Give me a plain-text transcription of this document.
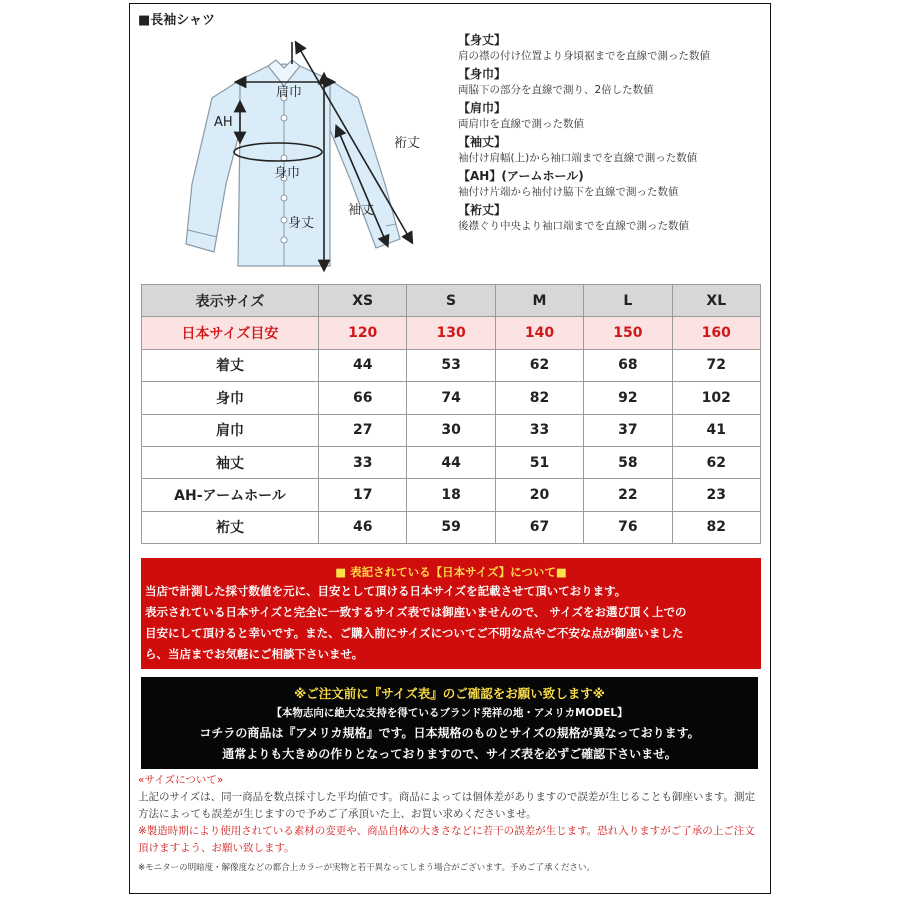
■長袖シャツ
肩巾
AH
身巾
身丈
袖丈
裄丈
【身丈】
肩の襟の付け位置より身頃裾までを直線で測った数値
【身巾】
両脇下の部分を直線で測り、2倍した数値
【肩巾】
両肩巾を直線で測った数値
【袖丈】
袖付け肩幅(上)から袖口端までを直線で測った数値
【AH】(アームホール)
袖付け片端から袖付け脇下を直線で測った数値
【裄丈】
後襟ぐり中央より袖口端までを直線で測った数値
表示サイズ	XS	S	M	L	XL
日本サイズ目安	120	130	140	150	160
着丈	44	53	62	68	72
身巾	66	74	82	92	102
肩巾	27	30	33	37	41
袖丈	33	44	51	58	62
AH-アームホール	17	18	20	22	23
裄丈	46	59	67	76	82
■ 表記されている【日本サイズ】について■
当店で計測した採寸数値を元に、目安として頂ける日本サイズを記載させて頂いております。
表示されている日本サイズと完全に一致するサイズ表では御座いませんので、 サイズをお選び頂く上での
目安にして頂けると幸いです。また、ご購入前にサイズについてご不明な点やご不安な点が御座いました
ら、当店までお気軽にご相談下さいませ。
※ご注文前に『サイズ表』のご確認をお願い致します※
【本物志向に絶大な支持を得ているブランド発祥の地・アメリカMODEL】
コチラの商品は『アメリカ規格』です。日本規格のものとサイズの規格が異なっております。
通常よりも大きめの作りとなっておりますので、サイズ表を必ずご確認下さいませ。
«サイズについて»
上記のサイズは、同一商品を数点採寸した平均値です。商品によっては個体差がありますので誤差が生じることも御座います。測定方法によっても誤差が生じますので予めご了承頂いた上、お買い求めくださいませ。
※製造時期により使用されている素材の変更や、商品自体の大きさなどに若干の誤差が生じます。恐れ入りますがご了承の上ご注文頂けますよう、お願い致します。
※モニターの明暗度・解像度などの都合上カラーが実物と若干異なってしまう場合がございます。予めご了承ください。
